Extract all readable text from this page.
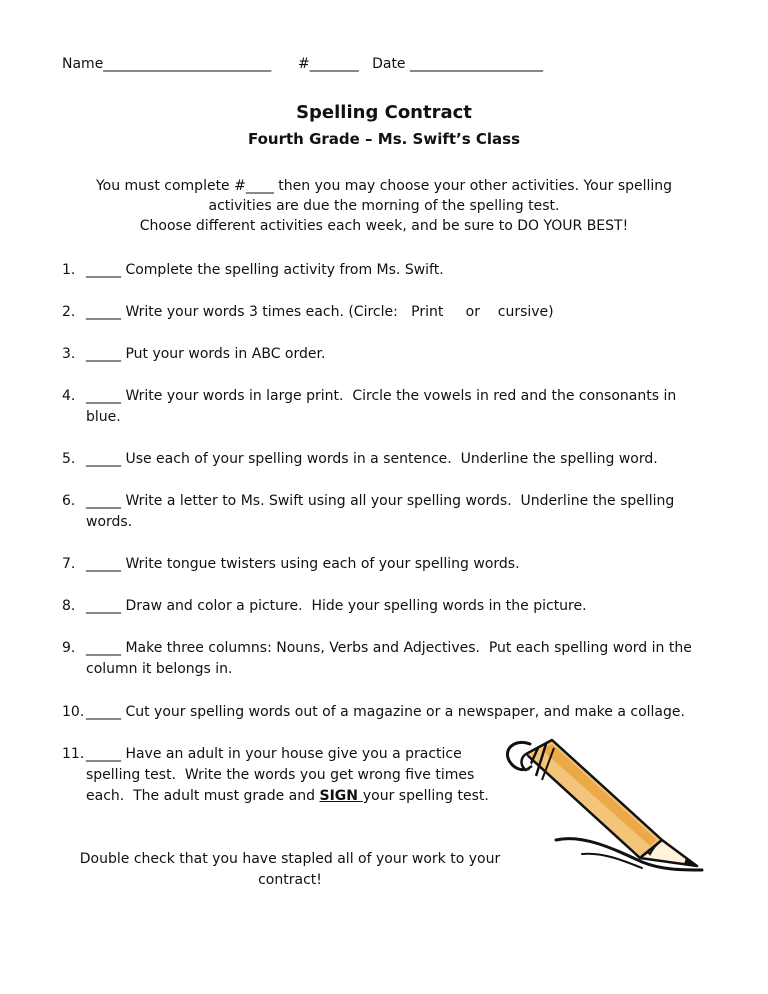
Name________________________      #_______   Date ___________________
Spelling Contract
Fourth Grade – Ms. Swift’s Class
You must complete #____ then you may choose your other activities. Your spelling
activities are due the morning of the spelling test.
Choose different activities each week, and be sure to DO YOUR BEST!
1. _____ Complete the spelling activity from Ms. Swift.
2. _____ Write your words 3 times each. (Circle:   Print     or    cursive)
3. _____ Put your words in ABC order.
4. _____ Write your words in large print.  Circle the vowels in red and the consonants in
blue.
5. _____ Use each of your spelling words in a sentence.  Underline the spelling word.
6. _____ Write a letter to Ms. Swift using all your spelling words.  Underline the spelling
words.
7. _____ Write tongue twisters using each of your spelling words.
8. _____ Draw and color a picture.  Hide your spelling words in the picture.
9. _____ Make three columns: Nouns, Verbs and Adjectives.  Put each spelling word in the
column it belongs in.
10. _____ Cut your spelling words out of a magazine or a newspaper, and make a collage.
11. _____ Have an adult in your house give you a practice
spelling test.  Write the words you get wrong five times
each.  The adult must grade and SIGN your spelling test.
Double check that you have stapled all of your work to your
contract!
